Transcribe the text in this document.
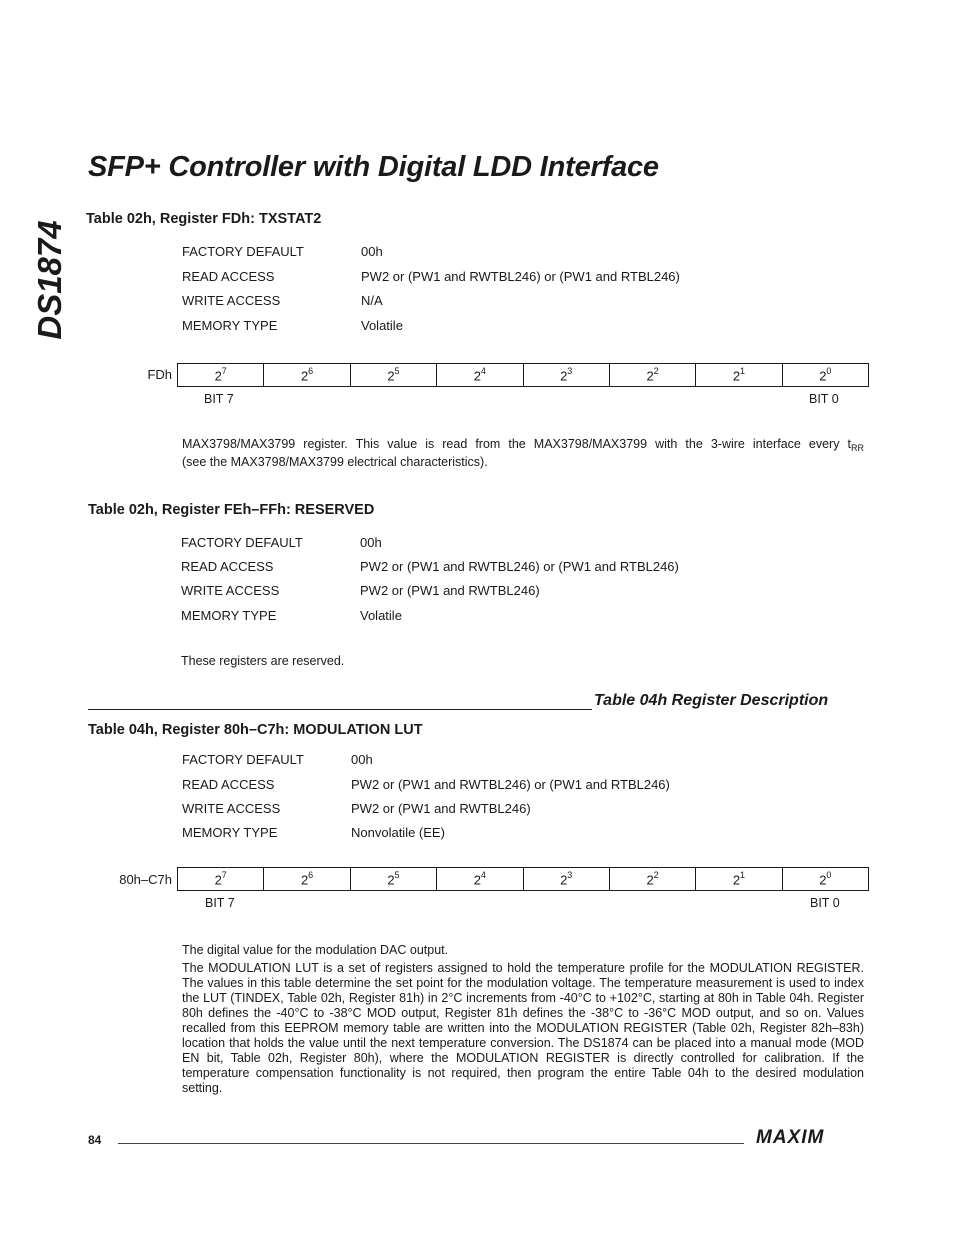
DS1874
SFP+ Controller with Digital LDD Interface
Table 02h, Register FDh: TXSTAT2
FACTORY DEFAULT	00h
READ ACCESS	PW2 or (PW1 and RWTBL246) or (PW1 and RTBL246)
WRITE ACCESS	N/A
MEMORY TYPE	Volatile
FDh	$2^7$	$2^6$	$2^5$	$2^4$	$2^3$	$2^2$	$2^1$	$2^0$
BIT 7	BIT 0
MAX3798/MAX3799 register. This value is read from the MAX3798/MAX3799 with the 3-wire interface every $t_{RR}$
(see the MAX3798/MAX3799 electrical characteristics).
Table 02h, Register FEh–FFh: RESERVED
FACTORY DEFAULT	00h
READ ACCESS	PW2 or (PW1 and RWTBL246) or (PW1 and RTBL246)
WRITE ACCESS	PW2 or (PW1 and RWTBL246)
MEMORY TYPE	Volatile
These registers are reserved.
Table 04h Register Description
Table 04h, Register 80h–C7h: MODULATION LUT
FACTORY DEFAULT	00h
READ ACCESS	PW2 or (PW1 and RWTBL246) or (PW1 and RTBL246)
WRITE ACCESS	PW2 or (PW1 and RWTBL246)
MEMORY TYPE	Nonvolatile (EE)
80h–C7h	$2^7$	$2^6$	$2^5$	$2^4$	$2^3$	$2^2$	$2^1$	$2^0$
BIT 7	BIT 0
The digital value for the modulation DAC output.
The MODULATION LUT is a set of registers assigned to hold the temperature profile for the MODULATION REGISTER. The values in this table determine the set point for the modulation voltage. The temperature measurement is used to index the LUT (TINDEX, Table 02h, Register 81h) in 2°C increments from -40°C to +102°C, starting at 80h in Table 04h. Register 80h defines the -40°C to -38°C MOD output, Register 81h defines the -38°C to -36°C MOD output, and so on. Values recalled from this EEPROM memory table are written into the MODULATION REGISTER (Table 02h, Register 82h–83h) location that holds the value until the next temperature conversion. The DS1874 can be placed into a manual mode (MOD EN bit, Table 02h, Register 80h), where the MODULATION REGISTER is directly controlled for calibration. If the temperature compensation functionality is not required, then program the entire Table 04h to the desired modulation setting.
84	MAXIM
